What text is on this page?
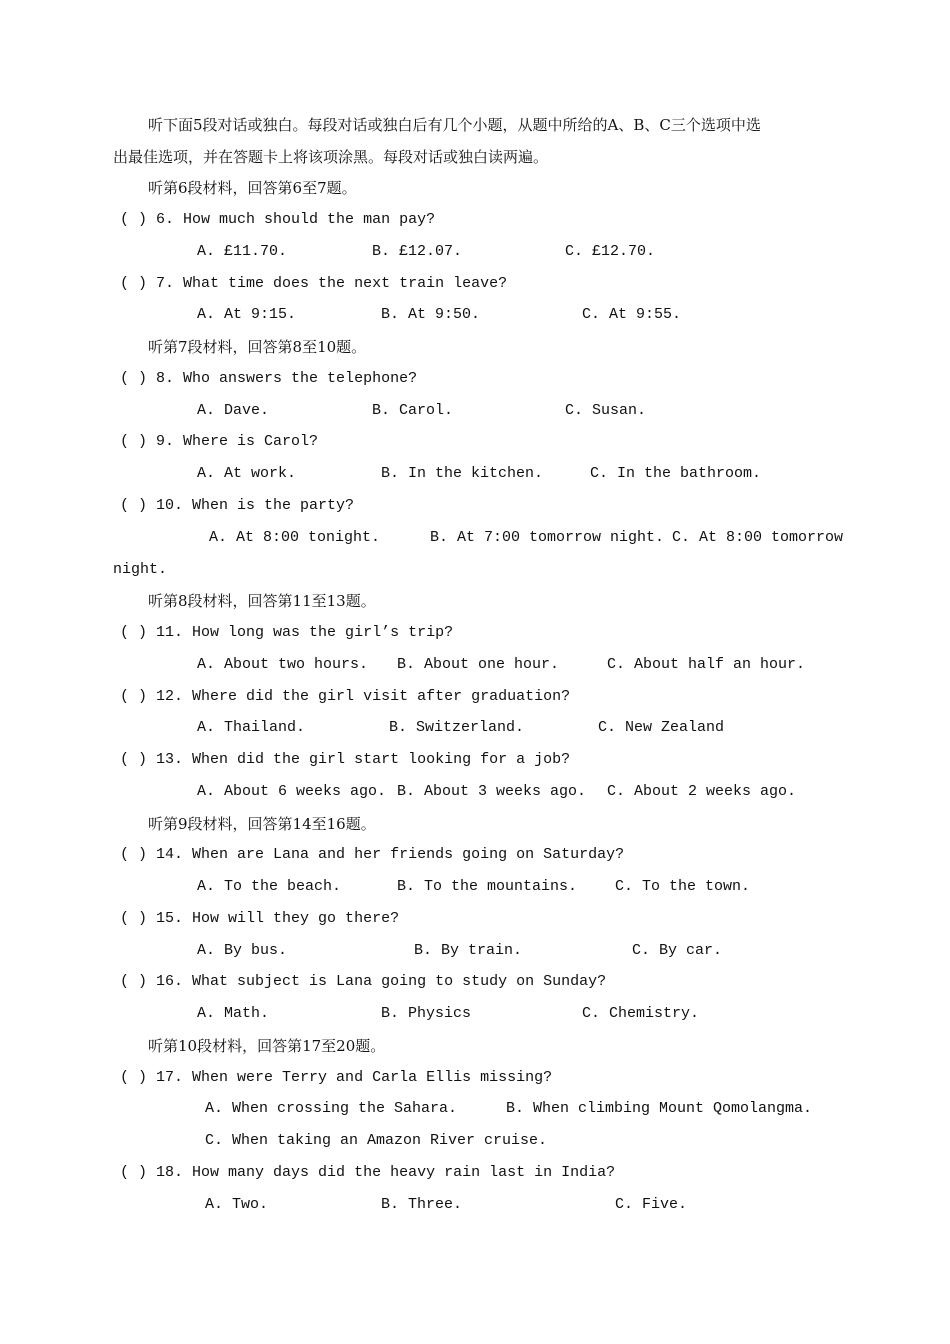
听下面5段对话或独白。每段对话或独白后有几个小题，从题中所给的A、B、C三个选项中选
出最佳选项，并在答题卡上将该项涂黑。每段对话或独白读两遍。
听第6段材料，回答第6至7题。
( ) 6. How much should the man pay?
A. £11.70.	B. £12.07.	C. £12.70.
( ) 7. What time does the next train leave?
A. At 9:15.	B. At 9:50.	C. At 9:55.
听第7段材料，回答第8至10题。
( ) 8. Who answers the telephone?
A. Dave.	B. Carol.	C. Susan.
( ) 9. Where is Carol?
A. At work.	B. In the kitchen.	C. In the bathroom.
( ) 10. When is the party?
A. At 8:00 tonight.	B. At 7:00 tomorrow night. C. At 8:00 tomorrow
night.
听第8段材料，回答第11至13题。
( ) 11. How long was the girl’s trip?
A. About two hours. B. About one hour.	C. About half an hour.
( ) 12. Where did the girl visit after graduation?
A. Thailand.	B. Switzerland.	C. New Zealand
( ) 13. When did the girl start looking for a job?
A. About 6 weeks ago. B. About 3 weeks ago. C. About 2 weeks ago.
听第9段材料，回答第14至16题。
( ) 14. When are Lana and her friends going on Saturday?
A. To the beach.	B. To the mountains.	C. To the town.
( ) 15. How will they go there?
A. By bus.	B. By train.	C. By car.
( ) 16. What subject is Lana going to study on Sunday?
A. Math.	B. Physics	C. Chemistry.
听第10段材料，回答第17至20题。
( ) 17. When were Terry and Carla Ellis missing?
A. When crossing the Sahara.	B. When climbing Mount Qomolangma.
C. When taking an Amazon River cruise.
( ) 18. How many days did the heavy rain last in India?
A. Two.	B. Three.	C. Five.
